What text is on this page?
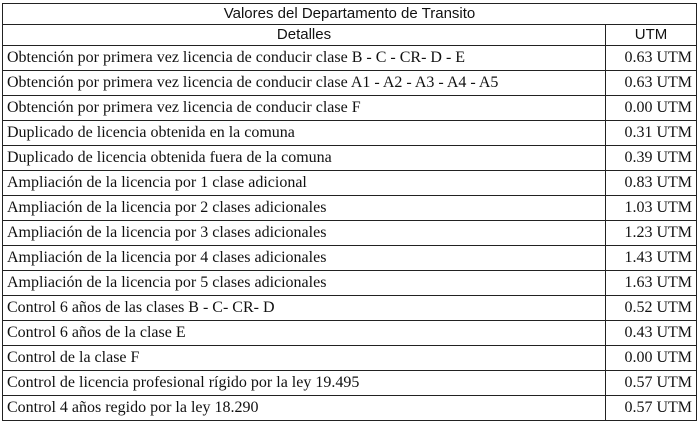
Valores del Departamento de Transito	
Detalles	UTM
Obtención por primera vez licencia de conducir clase B - C - CR- D - E	0.63 UTM
Obtención por primera vez licencia de conducir clase A1 - A2 - A3 - A4 - A5	0.63 UTM
Obtención por primera vez licencia de conducir clase F	0.00 UTM
Duplicado de licencia obtenida en la comuna	0.31 UTM
Duplicado de licencia obtenida fuera de la comuna	0.39 UTM
Ampliación de la licencia por 1 clase adicional	0.83 UTM
Ampliación de la licencia por 2 clases adicionales	1.03 UTM
Ampliación de la licencia por 3 clases adicionales	1.23 UTM
Ampliación de la licencia por 4 clases adicionales	1.43 UTM
Ampliación de la licencia por 5 clases adicionales	1.63 UTM
Control 6 años de las clases B - C- CR- D	0.52 UTM
Control 6 años de la clase E	0.43 UTM
Control de la clase F	0.00 UTM
Control de licencia profesional rígido por la ley 19.495	0.57 UTM
Control 4 años regido por la ley 18.290	0.57 UTM
